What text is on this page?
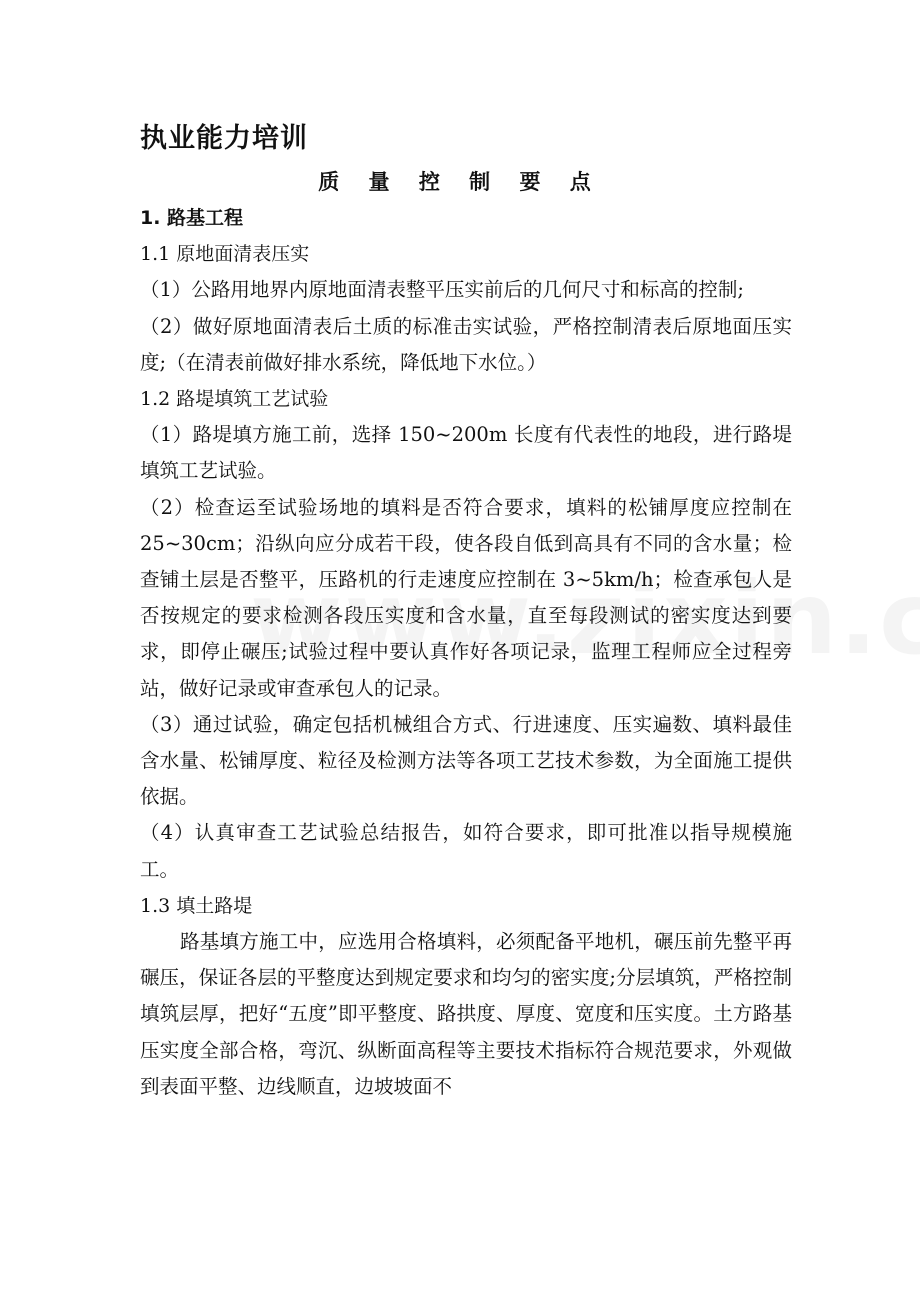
执业能力培训
质 量 控 制 要 点

1. 路基工程

1.1 原地面清表压实

（1）公路用地界内原地面清表整平压实前后的几何尺寸和标高的控制;

（2）做好原地面清表后土质的标准击实试验，严格控制清表后原地面压实度;（在清表前做好排水系统，降低地下水位。）

1.2 路堤填筑工艺试验

（1）路堤填方施工前，选择 150~200m 长度有代表性的地段，进行路堤填筑工艺试验。

（2）检查运至试验场地的填料是否符合要求，填料的松铺厚度应控制在 25~30cm；沿纵向应分成若干段，使各段自低到高具有不同的含水量；检查铺土层是否整平，压路机的行走速度应控制在 3~5km/h；检查承包人是否按规定的要求检测各段压实度和含水量，直至每段测试的密实度达到要求，即停止碾压;试验过程中要认真作好各项记录，监理工程师应全过程旁站，做好记录或审查承包人的记录。

（3）通过试验，确定包括机械组合方式、行进速度、压实遍数、填料最佳含水量、松铺厚度、粒径及检测方法等各项工艺技术参数，为全面施工提供依据。

（4）认真审查工艺试验总结报告，如符合要求，即可批准以指导规模施工。

1.3 填土路堤

路基填方施工中，应选用合格填料，必须配备平地机，碾压前先整平再碾压，保证各层的平整度达到规定要求和均匀的密实度;分层填筑，严格控制填筑层厚，把好“五度”即平整度、路拱度、厚度、宽度和压实度。土方路基压实度全部合格，弯沉、纵断面高程等主要技术指标符合规范要求，外观做到表面平整、边线顺直，边坡坡面不
